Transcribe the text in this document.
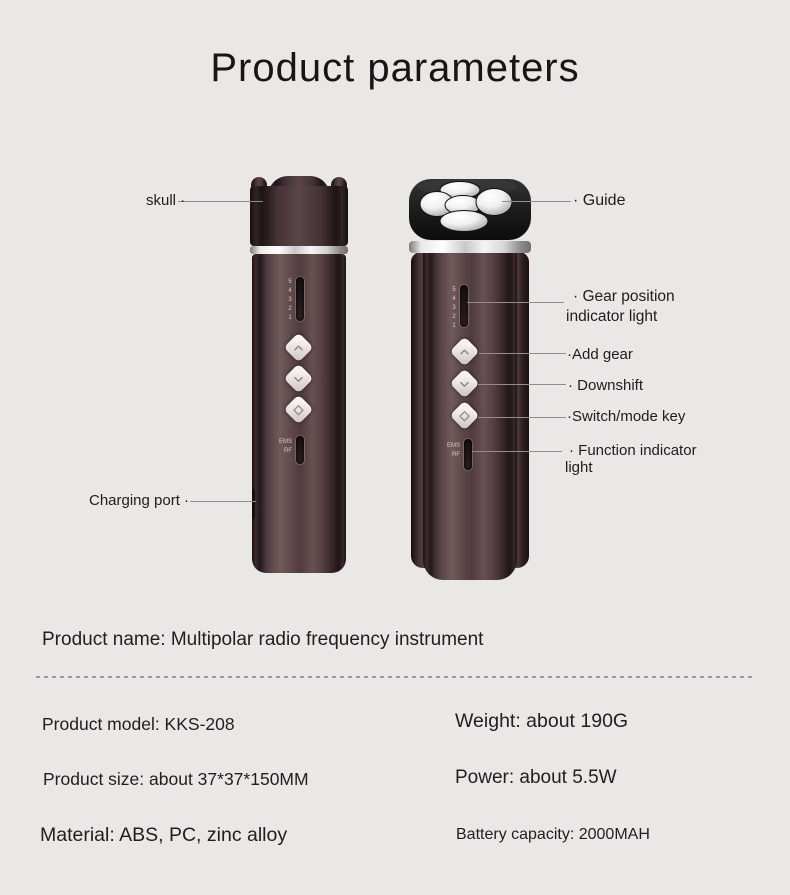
Product parameters
5
4
3
2
1
EMS
RF
·
5
4
3
2
1
EMS
RF
·
skull ·
Charging port ·
· Guide
· Gear position indicator light
·Add gear
· Downshift
·Switch/mode key
· Function indicator light
Product name: Multipolar radio frequency instrument
Product model: KKS-208
Product size: about 37*37*150MM
Material: ABS, PC, zinc alloy
Weight: about 190G
Power: about 5.5W
Battery capacity: 2000MAH
